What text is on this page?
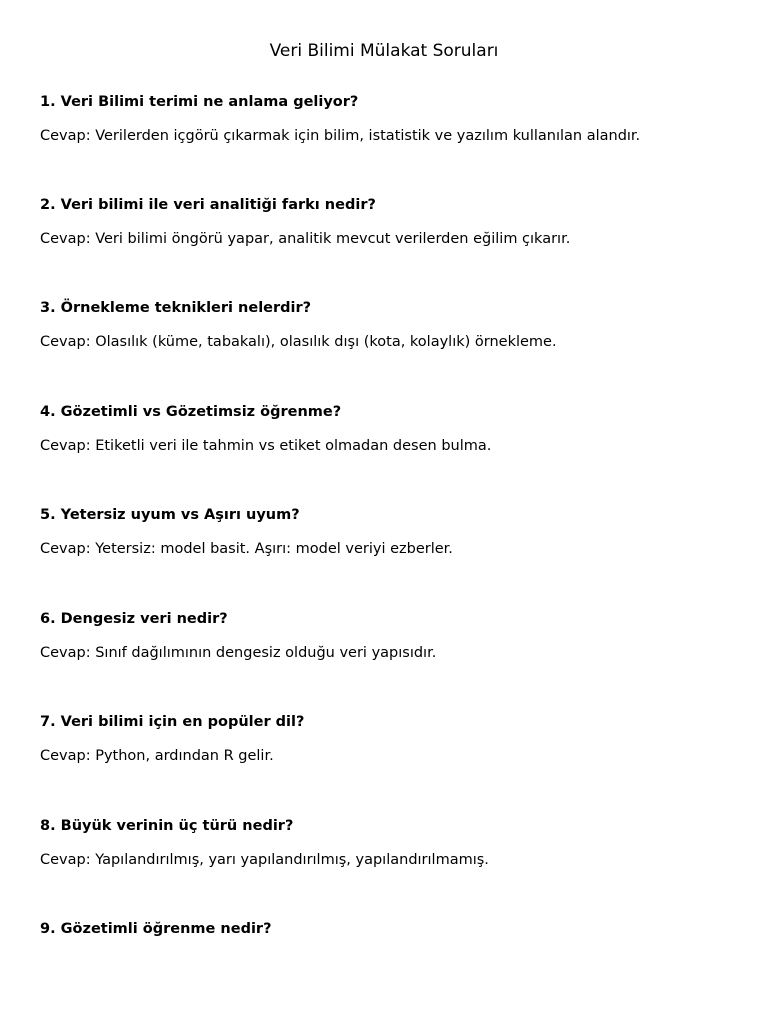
Veri Bilimi Mülakat Soruları

1. Veri Bilimi terimi ne anlama geliyor?

Cevap: Verilerden içgörü çıkarmak için bilim, istatistik ve yazılım kullanılan alandır.

2. Veri bilimi ile veri analitiği farkı nedir?

Cevap: Veri bilimi öngörü yapar, analitik mevcut verilerden eğilim çıkarır.

3. Örnekleme teknikleri nelerdir?

Cevap: Olasılık (küme, tabakalı), olasılık dışı (kota, kolaylık) örnekleme.

4. Gözetimli vs Gözetimsiz öğrenme?

Cevap: Etiketli veri ile tahmin vs etiket olmadan desen bulma.

5. Yetersiz uyum vs Aşırı uyum?

Cevap: Yetersiz: model basit. Aşırı: model veriyi ezberler.

6. Dengesiz veri nedir?

Cevap: Sınıf dağılımının dengesiz olduğu veri yapısıdır.

7. Veri bilimi için en popüler dil?

Cevap: Python, ardından R gelir.

8. Büyük verinin üç türü nedir?

Cevap: Yapılandırılmış, yarı yapılandırılmış, yapılandırılmamış.

9. Gözetimli öğrenme nedir?
